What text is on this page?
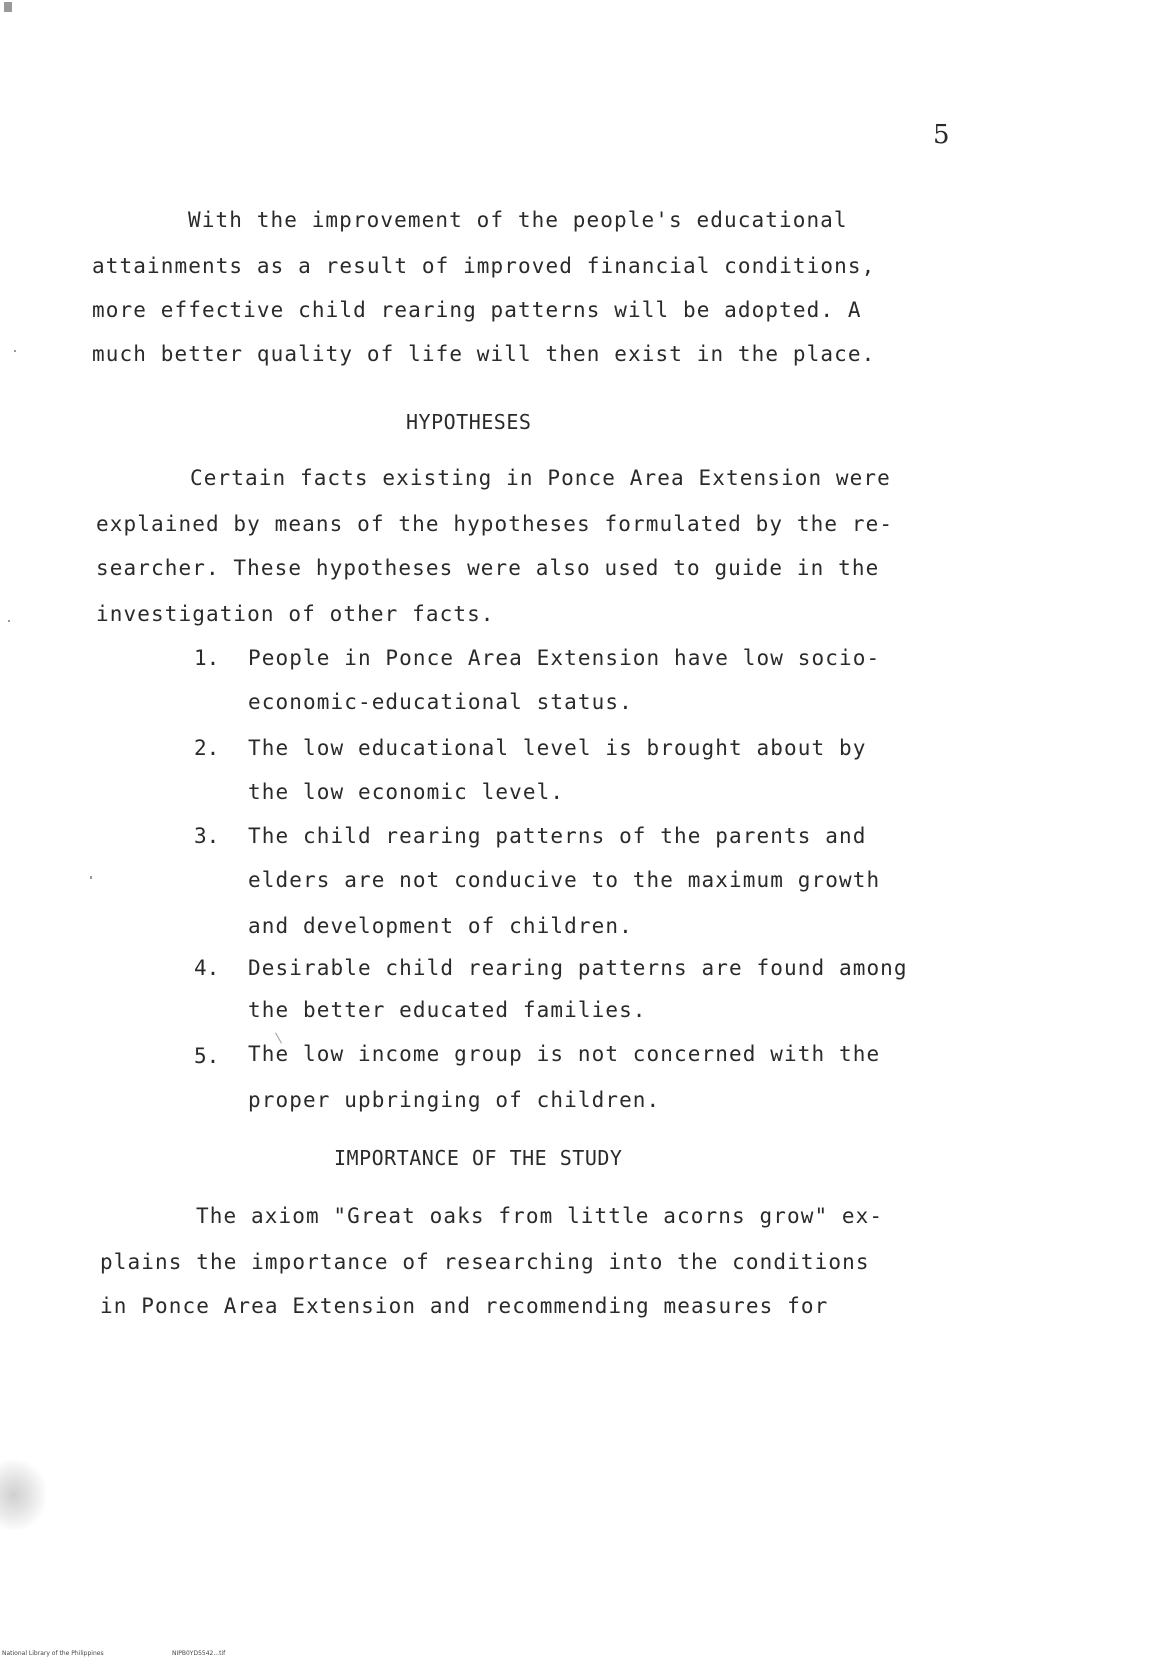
5
With the improvement of the people's educational
attainments as a result of improved financial conditions,
more effective child rearing patterns will be adopted. A
much better quality of life will then exist in the place.
HYPOTHESES
Certain facts existing in Ponce Area Extension were
explained by means of the hypotheses formulated by the re-
searcher. These hypotheses were also used to guide in the
investigation of other facts.
1. People in Ponce Area Extension have low socio-
economic-educational status.
2. The low educational level is brought about by
the low economic level.
3. The child rearing patterns of the parents and
elders are not conducive to the maximum growth
and development of children.
4. Desirable child rearing patterns are found among
the better educated families.
5. The low income group is not concerned with the
proper upbringing of children.
IMPORTANCE OF THE STUDY
The axiom "Great oaks from little acorns grow" ex-
plains the importance of researching into the conditions
in Ponce Area Extension and recommending measures for
National Library of the Philippines	NIPB0YD5542...tif
